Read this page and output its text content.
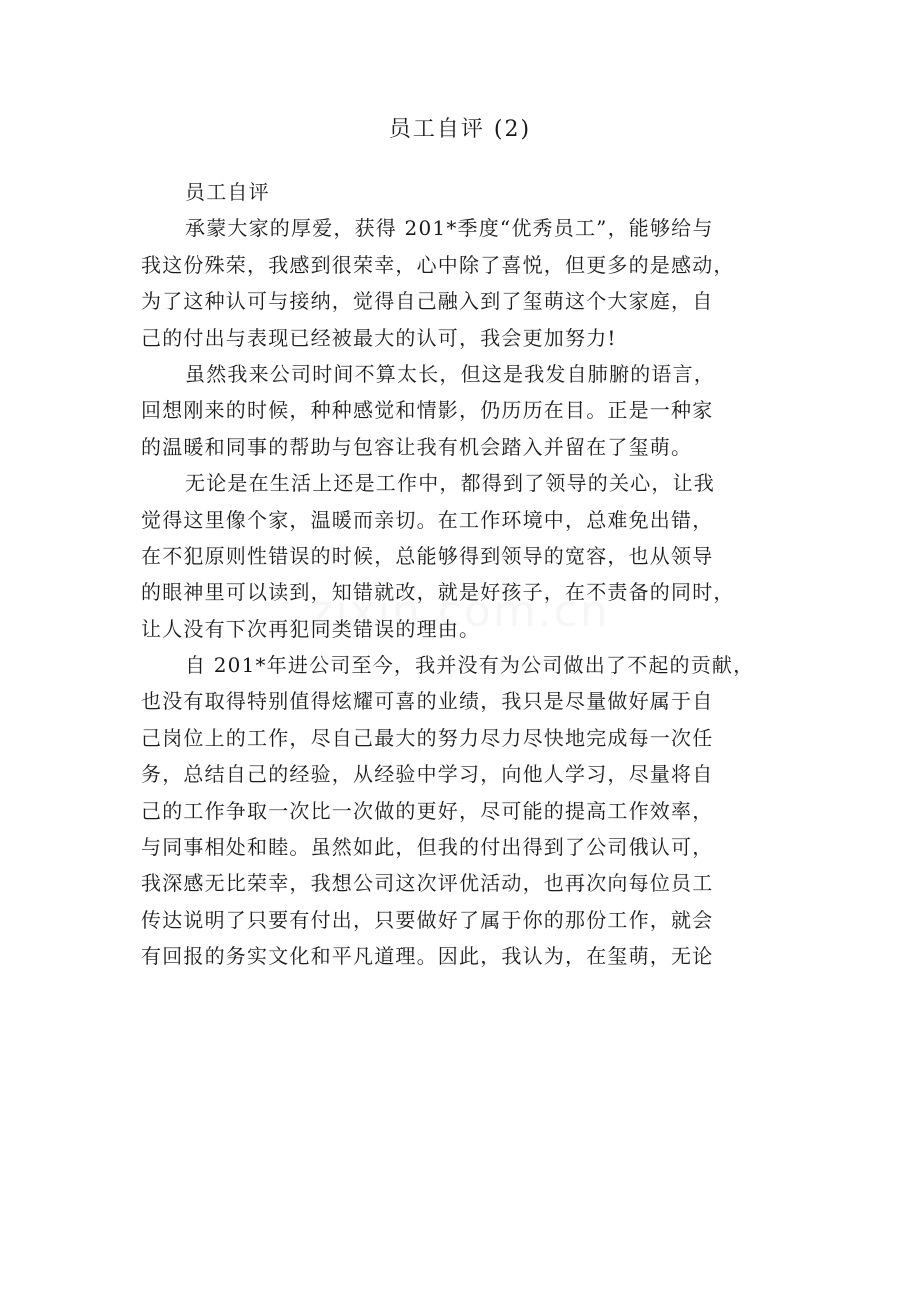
员工自评 (2)
员工自评
承蒙大家的厚爱，获得 201*季度“优秀员工”，能够给与
我这份殊荣，我感到很荣幸，心中除了喜悦，但更多的是感动，
为了这种认可与接纳，觉得自己融入到了玺萌这个大家庭，自
己的付出与表现已经被最大的认可，我会更加努力!
虽然我来公司时间不算太长，但这是我发自肺腑的语言，
回想刚来的时候，种种感觉和情影，仍历历在目。正是一种家
的温暖和同事的帮助与包容让我有机会踏入并留在了玺萌。
无论是在生活上还是工作中，都得到了领导的关心，让我
觉得这里像个家，温暖而亲切。在工作环境中，总难免出错，
在不犯原则性错误的时候，总能够得到领导的宽容，也从领导
的眼神里可以读到，知错就改，就是好孩子，在不责备的同时，
让人没有下次再犯同类错误的理由。
自 201*年进公司至今，我并没有为公司做出了不起的贡献，
也没有取得特别值得炫耀可喜的业绩，我只是尽量做好属于自
己岗位上的工作，尽自己最大的努力尽力尽快地完成每一次任
务，总结自己的经验，从经验中学习，向他人学习，尽量将自
己的工作争取一次比一次做的更好，尽可能的提高工作效率，
与同事相处和睦。虽然如此，但我的付出得到了公司俄认可，
我深感无比荣幸，我想公司这次评优活动，也再次向每位员工
传达说明了只要有付出，只要做好了属于你的那份工作，就会
有回报的务实文化和平凡道理。因此，我认为，在玺萌，无论
